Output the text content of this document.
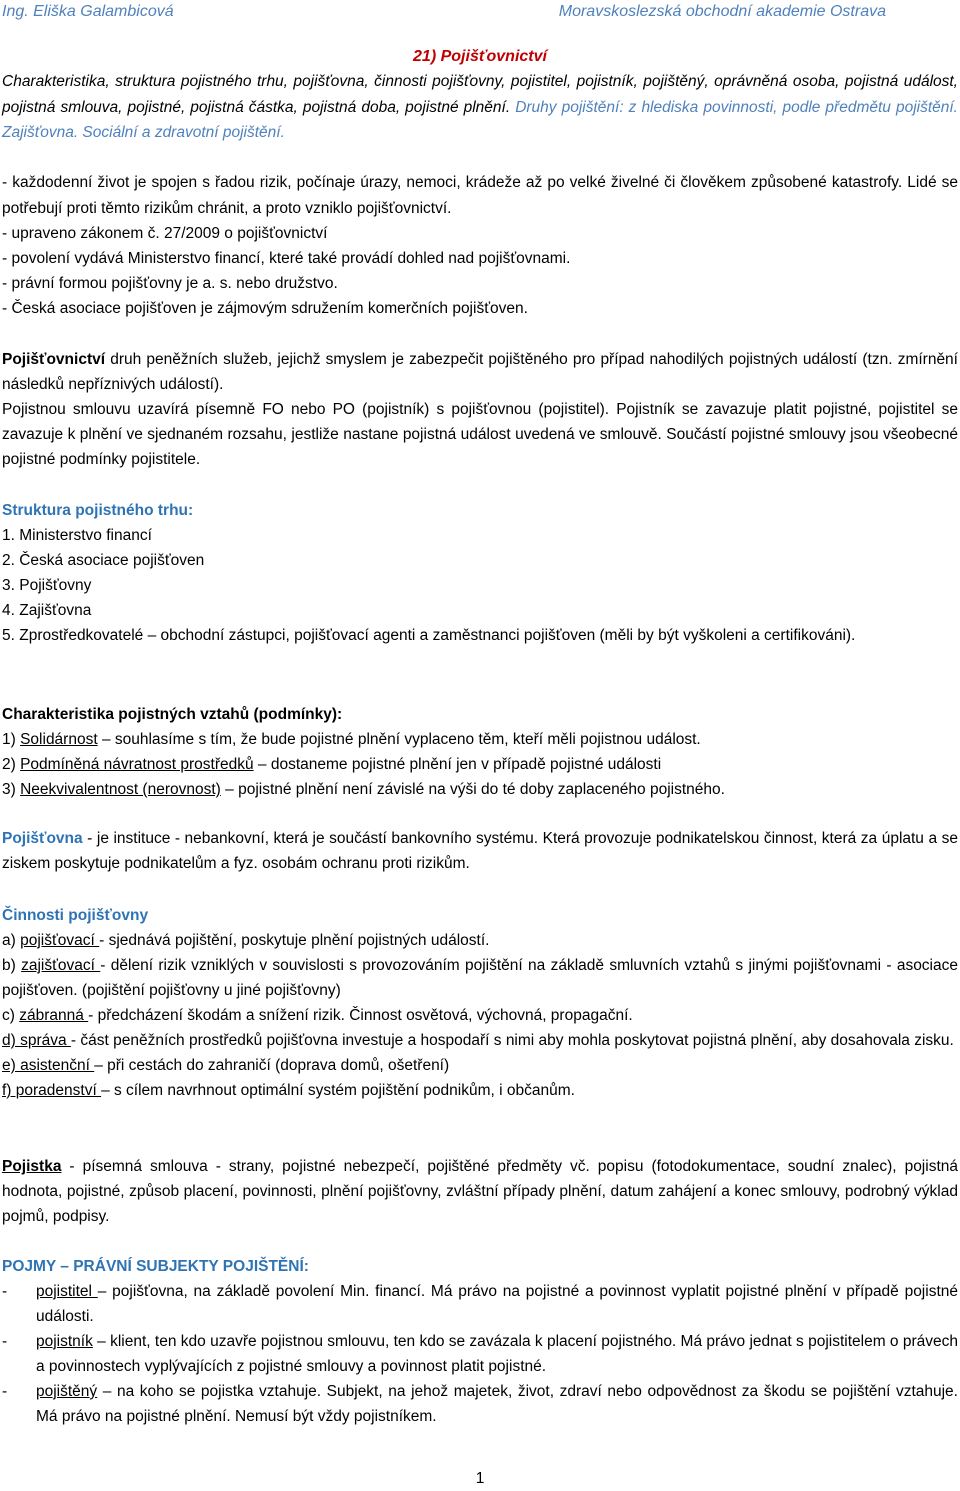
Ing. Eliška Galambicová	Moravskoslezská obchodní akademie Ostrava
21) Pojišťovnictví
Charakteristika, struktura pojistného trhu, pojišťovna, činnosti pojišťovny, pojistitel, pojistník, pojištěný, oprávněná osoba, pojistná událost, pojistná smlouva, pojistné, pojistná částka, pojistná doba, pojistné plnění. Druhy pojištění: z hlediska povinnosti, podle předmětu pojištění. Zajišťovna. Sociální a zdravotní pojištění.
- každodenní život je spojen s řadou rizik, počínaje úrazy, nemoci, krádeže až po velké živelné či člověkem způsobené katastrofy. Lidé se potřebují proti těmto rizikům chránit, a proto vzniklo pojišťovnictví.
- upraveno zákonem č. 27/2009 o pojišťovnictví
- povolení vydává Ministerstvo financí, které také provádí dohled nad pojišťovnami.
- právní formou pojišťovny je a. s. nebo družstvo.
- Česká asociace pojišťoven je zájmovým sdružením komerčních pojišťoven.
Pojišťovnictví druh peněžních služeb, jejichž smyslem je zabezpečit pojištěného pro případ nahodilých pojistných událostí (tzn. zmírnění následků nepříznivých událostí).
Pojistnou smlouvu uzavírá písemně FO nebo PO (pojistník) s pojišťovnou (pojistitel). Pojistník se zavazuje platit pojistné, pojistitel se zavazuje k plnění ve sjednaném rozsahu, jestliže nastane pojistná událost uvedená ve smlouvě. Součástí pojistné smlouvy jsou všeobecné pojistné podmínky pojistitele.
Struktura pojistného trhu:
1. Ministerstvo financí
2. Česká asociace pojišťoven
3. Pojišťovny
4. Zajišťovna
5. Zprostředkovatelé – obchodní zástupci, pojišťovací agenti a zaměstnanci pojišťoven (měli by být vyškoleni a certifikováni).
Charakteristika pojistných vztahů (podmínky):
1) Solidárnost – souhlasíme s tím, že bude pojistné plnění vyplaceno těm, kteří měli pojistnou událost.
2) Podmíněná návratnost prostředků – dostaneme pojistné plnění jen v případě pojistné události
3) Neekvivalentnost (nerovnost) – pojistné plnění není závislé na výši do té doby zaplaceného pojistného.
Pojišťovna - je instituce - nebankovní, která je součástí bankovního systému. Která provozuje podnikatelskou činnost, která za úplatu a se ziskem poskytuje podnikatelům a fyz. osobám ochranu proti rizikům.
Činnosti pojišťovny
a) pojišťovací - sjednává pojištění, poskytuje plnění pojistných událostí.
b) zajišťovací - dělení rizik vzniklých v souvislosti s provozováním pojištění na základě smluvních vztahů s jinými pojišťovnami - asociace pojišťoven. (pojištění pojišťovny u jiné pojišťovny)
c) zábranná - předcházení škodám a snížení rizik. Činnost osvětová, výchovná, propagační.
d) správa - část peněžních prostředků pojišťovna investuje a hospodaří s nimi aby mohla poskytovat pojistná plnění, aby dosahovala zisku.
e) asistenční – při cestách do zahraničí (doprava domů, ošetření)
f) poradenství – s cílem navrhnout optimální systém pojištění podnikům, i občanům.
Pojistka - písemná smlouva - strany, pojistné nebezpečí, pojištěné předměty vč. popisu (fotodokumentace, soudní znalec), pojistná hodnota, pojistné, způsob placení, povinnosti, plnění pojišťovny, zvláštní případy plnění, datum zahájení a konec smlouvy, podrobný výklad pojmů, podpisy.
POJMY – PRÁVNÍ SUBJEKTY POJIŠTĚNÍ:
- pojistitel – pojišťovna, na základě povolení Min. financí. Má právo na pojistné a povinnost vyplatit pojistné plnění v případě pojistné události.
- pojistník – klient, ten kdo uzavře pojistnou smlouvu, ten kdo se zavázala k placení pojistného. Má právo jednat s pojistitelem o právech a povinnostech vyplývajících z pojistné smlouvy a povinnost platit pojistné.
- pojištěný – na koho se pojistka vztahuje. Subjekt, na jehož majetek, život, zdraví nebo odpovědnost za škodu se pojištění vztahuje. Má právo na pojistné plnění. Nemusí být vždy pojistníkem.
1
